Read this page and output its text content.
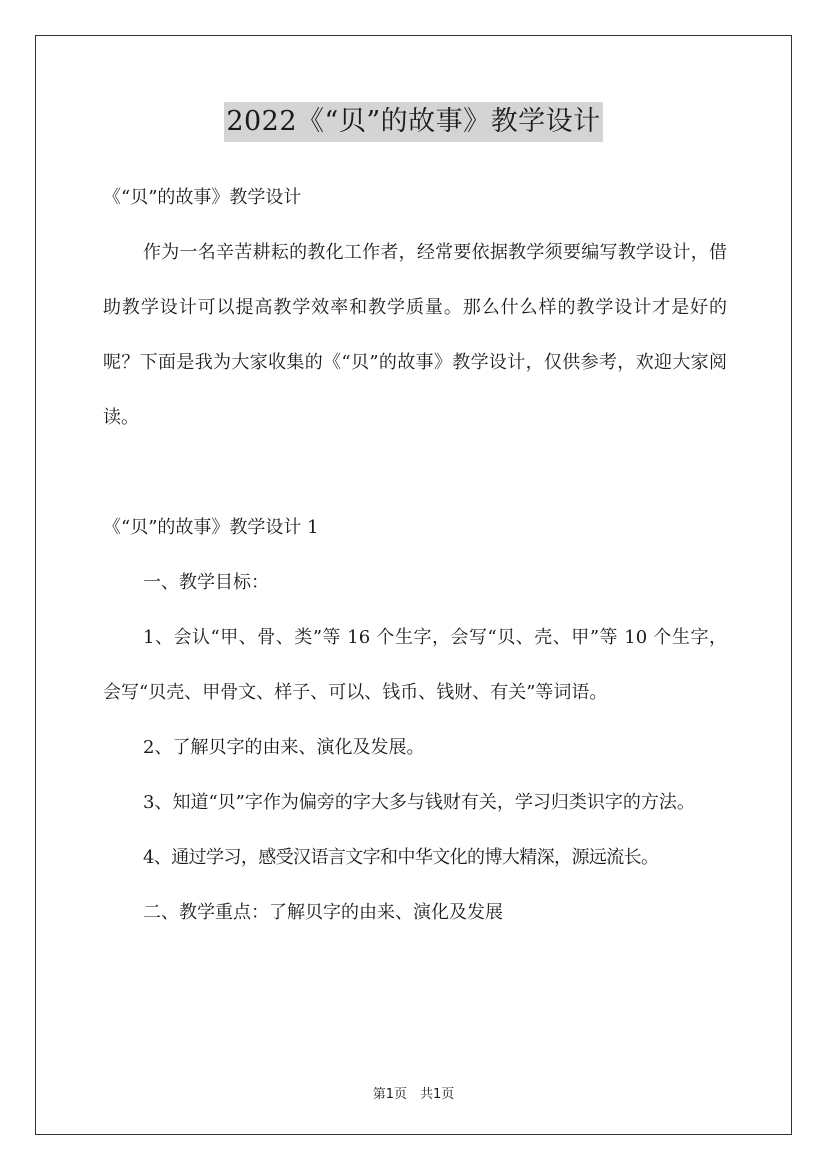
2022《“贝”的故事》教学设计

《“贝”的故事》教学设计

作为一名辛苦耕耘的教化工作者，经常要依据教学须要编写教学设计，借助教学设计可以提高教学效率和教学质量。那么什么样的教学设计才是好的呢？下面是我为大家收集的《“贝”的故事》教学设计，仅供参考，欢迎大家阅读。

《“贝”的故事》教学设计 1

一、教学目标：

1、会认“甲、骨、类”等 16 个生字，会写“贝、壳、甲”等 10 个生字，会写“贝壳、甲骨文、样子、可以、钱币、钱财、有关”等词语。

2、了解贝字的由来、演化及发展。

3、知道“贝”字作为偏旁的字大多与钱财有关，学习归类识字的方法。

4、通过学习，感受汉语言文字和中华文化的博大精深，源远流长。

二、教学重点：了解贝字的由来、演化及发展

第1页　共1页
